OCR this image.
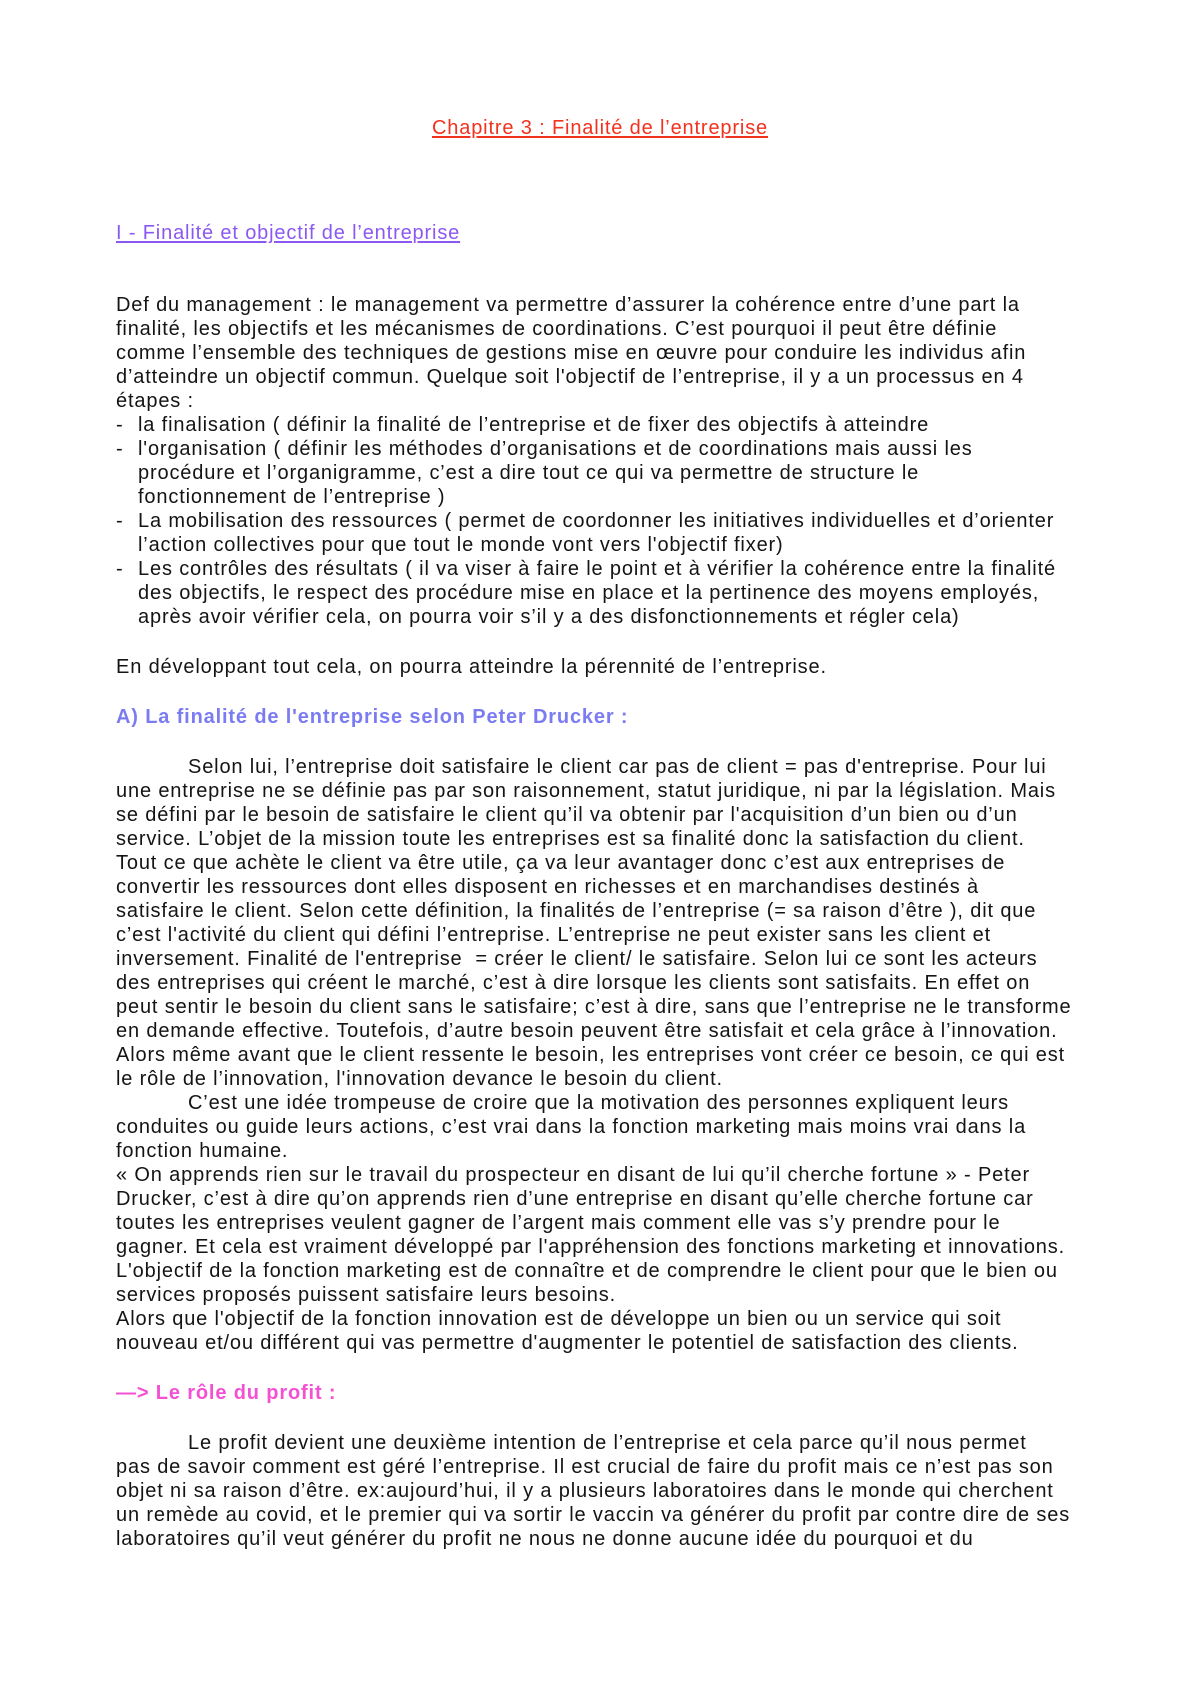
Chapitre 3 : Finalité de l’entreprise
I - Finalité et objectif de l’entreprise
Def du management : le management va permettre d’assurer la cohérence entre d’une part la
finalité, les objectifs et les mécanismes de coordinations. C’est pourquoi il peut être définie
comme l’ensemble des techniques de gestions mise en œuvre pour conduire les individus afin
d’atteindre un objectif commun. Quelque soit l'objectif de l’entreprise, il y a un processus en 4
étapes :
- la finalisation ( définir la finalité de l’entreprise et de fixer des objectifs à atteindre
- l'organisation ( définir les méthodes d’organisations et de coordinations mais aussi les
procédure et l’organigramme, c’est a dire tout ce qui va permettre de structure le
fonctionnement de l’entreprise )
- La mobilisation des ressources ( permet de coordonner les initiatives individuelles et d’orienter
l’action collectives pour que tout le monde vont vers l'objectif fixer)
- Les contrôles des résultats ( il va viser à faire le point et à vérifier la cohérence entre la finalité
des objectifs, le respect des procédure mise en place et la pertinence des moyens employés,
après avoir vérifier cela, on pourra voir s’il y a des disfonctionnements et régler cela)
En développant tout cela, on pourra atteindre la pérennité de l’entreprise.
A) La finalité de l'entreprise selon Peter Drucker :
Selon lui, l’entreprise doit satisfaire le client car pas de client = pas d'entreprise. Pour lui
une entreprise ne se définie pas par son raisonnement, statut juridique, ni par la législation. Mais
se défini par le besoin de satisfaire le client qu’il va obtenir par l'acquisition d’un bien ou d’un
service. L’objet de la mission toute les entreprises est sa finalité donc la satisfaction du client.
Tout ce que achète le client va être utile, ça va leur avantager donc c’est aux entreprises de
convertir les ressources dont elles disposent en richesses et en marchandises destinés à
satisfaire le client. Selon cette définition, la finalités de l’entreprise (= sa raison d’être ), dit que
c’est l'activité du client qui défini l’entreprise. L’entreprise ne peut exister sans les client et
inversement. Finalité de l'entreprise  = créer le client/ le satisfaire. Selon lui ce sont les acteurs
des entreprises qui créent le marché, c’est à dire lorsque les clients sont satisfaits. En effet on
peut sentir le besoin du client sans le satisfaire; c’est à dire, sans que l’entreprise ne le transforme
en demande effective. Toutefois, d’autre besoin peuvent être satisfait et cela grâce à l’innovation.
Alors même avant que le client ressente le besoin, les entreprises vont créer ce besoin, ce qui est
le rôle de l’innovation, l'innovation devance le besoin du client.
C’est une idée trompeuse de croire que la motivation des personnes expliquent leurs
conduites ou guide leurs actions, c’est vrai dans la fonction marketing mais moins vrai dans la
fonction humaine.
« On apprends rien sur le travail du prospecteur en disant de lui qu’il cherche fortune » - Peter
Drucker, c’est à dire qu’on apprends rien d’une entreprise en disant qu’elle cherche fortune car
toutes les entreprises veulent gagner de l’argent mais comment elle vas s’y prendre pour le
gagner. Et cela est vraiment développé par l'appréhension des fonctions marketing et innovations.
L'objectif de la fonction marketing est de connaître et de comprendre le client pour que le bien ou
services proposés puissent satisfaire leurs besoins.
Alors que l'objectif de la fonction innovation est de développe un bien ou un service qui soit
nouveau et/ou différent qui vas permettre d'augmenter le potentiel de satisfaction des clients.
—> Le rôle du profit :
Le profit devient une deuxième intention de l’entreprise et cela parce qu’il nous permet
pas de savoir comment est géré l’entreprise. Il est crucial de faire du profit mais ce n’est pas son
objet ni sa raison d’être. ex:aujourd’hui, il y a plusieurs laboratoires dans le monde qui cherchent
un remède au covid, et le premier qui va sortir le vaccin va générer du profit par contre dire de ses
laboratoires qu’il veut générer du profit ne nous ne donne aucune idée du pourquoi et du
